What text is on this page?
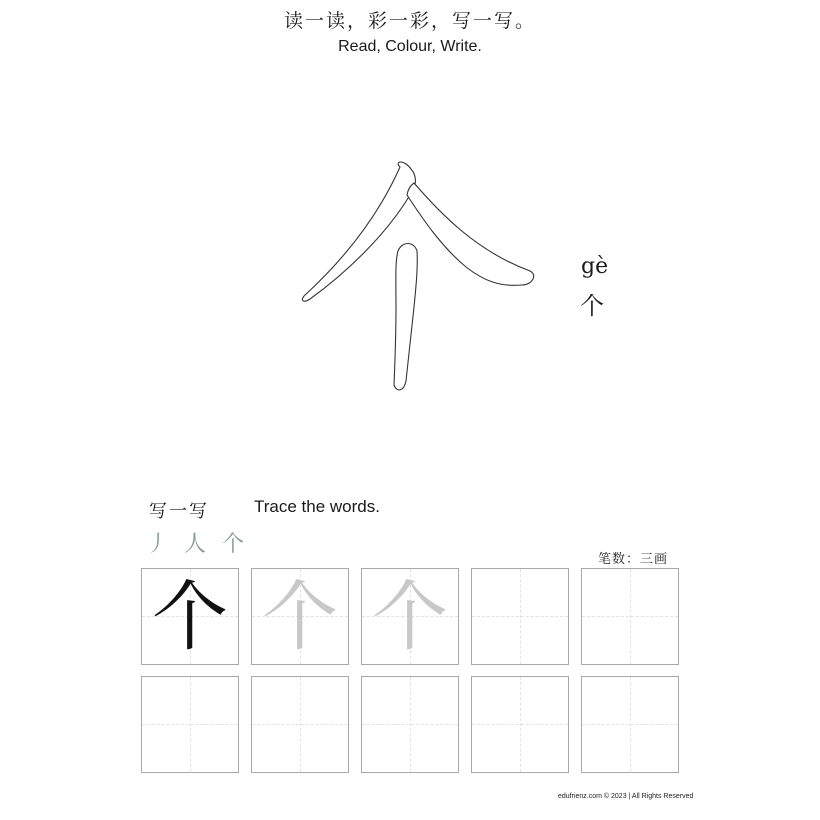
读一读，彩一彩，写一写。
Read, Colour, Write.
gè
个
写一写	Trace the words.
丿 人 个
笔数：三画
个 个 个
edufrienz.com © 2023 | All Rights Reserved
